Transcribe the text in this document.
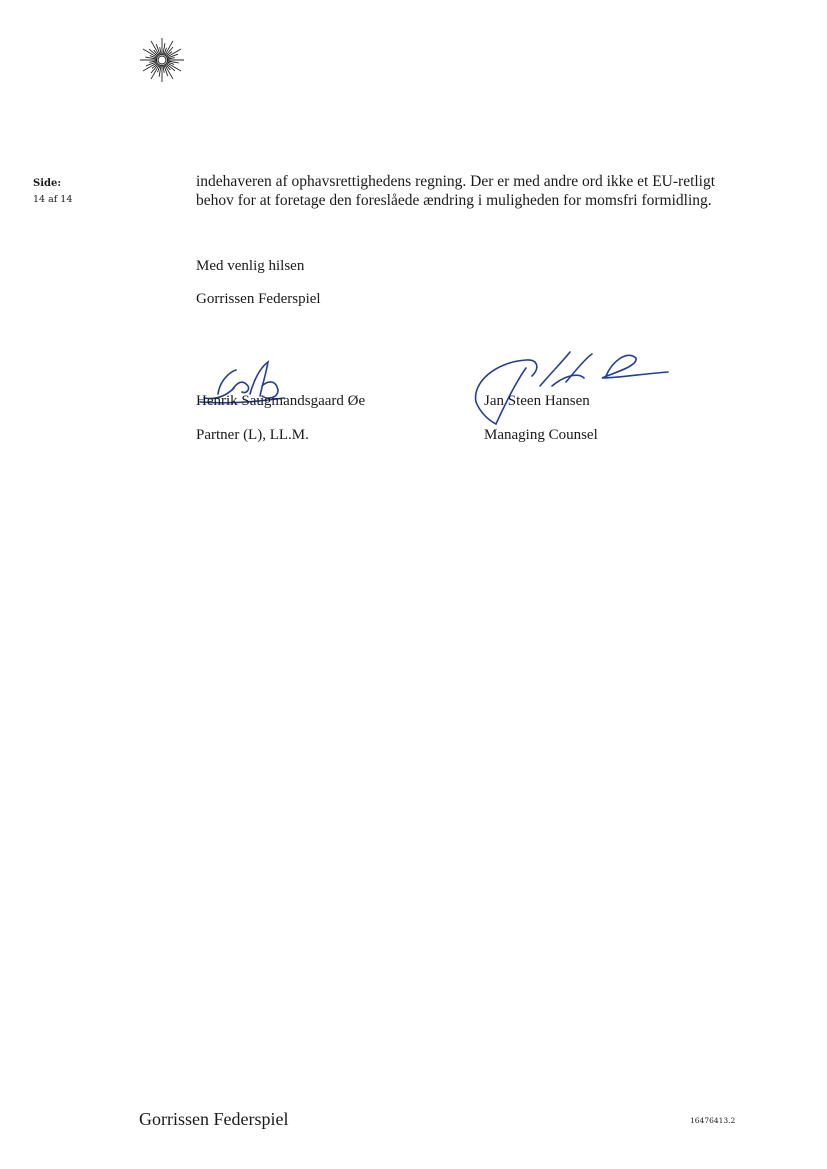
Side:
14 af 14

indehaveren af ophavsrettighedens regning. Der er med andre ord ikke et EU-retligt behov for at foretage den foreslåede ændring i muligheden for momsfri formidling.

Med venlig hilsen
Gorrissen Federspiel
Henrik Saugmandsgaard Øe
Partner (L), LL.M.
Jan Steen Hansen
Managing Counsel
Gorrissen Federspiel	16476413.2
